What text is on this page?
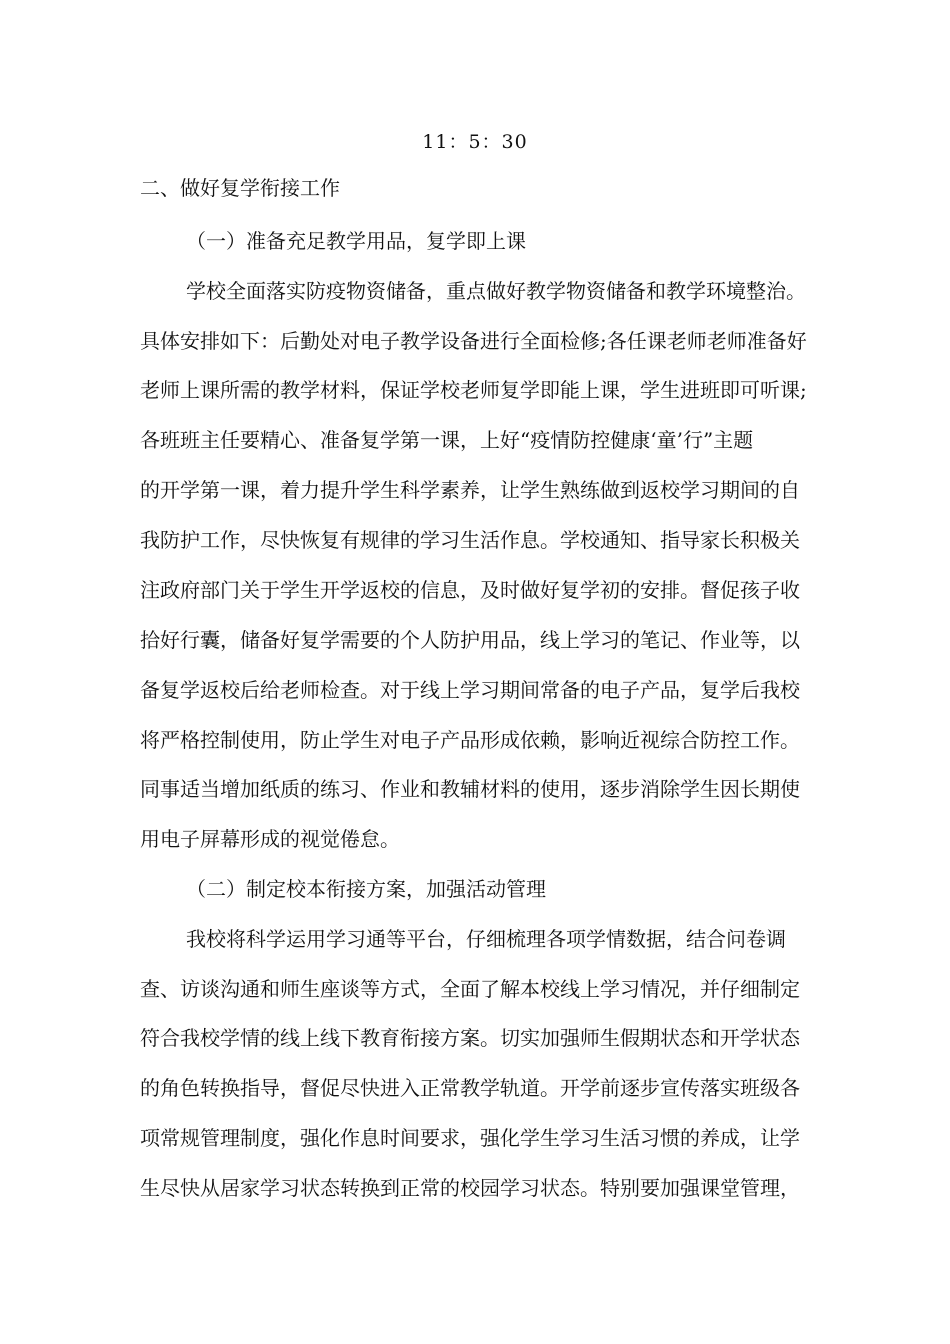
11：5：30
二、做好复学衔接工作
（一）准备充足教学用品，复学即上课
学校全面落实防疫物资储备，重点做好教学物资储备和教学环境整治。
具体安排如下：后勤处对电子教学设备进行全面检修;各任课老师老师准备好
老师上课所需的教学材料，保证学校老师复学即能上课，学生进班即可听课;
各班班主任要精心、准备复学第一课，上好“疫情防控健康‘童’行”主题
的开学第一课，着力提升学生科学素养，让学生熟练做到返校学习期间的自
我防护工作，尽快恢复有规律的学习生活作息。学校通知、指导家长积极关
注政府部门关于学生开学返校的信息，及时做好复学初的安排。督促孩子收
拾好行囊，储备好复学需要的个人防护用品，线上学习的笔记、作业等，以
备复学返校后给老师检查。对于线上学习期间常备的电子产品，复学后我校
将严格控制使用，防止学生对电子产品形成依赖，影响近视综合防控工作。
同事适当增加纸质的练习、作业和教辅材料的使用，逐步消除学生因长期使
用电子屏幕形成的视觉倦怠。
（二）制定校本衔接方案，加强活动管理
我校将科学运用学习通等平台，仔细梳理各项学情数据，结合问卷调
查、访谈沟通和师生座谈等方式，全面了解本校线上学习情况，并仔细制定
符合我校学情的线上线下教育衔接方案。切实加强师生假期状态和开学状态
的角色转换指导，督促尽快进入正常教学轨道。开学前逐步宣传落实班级各
项常规管理制度，强化作息时间要求，强化学生学习生活习惯的养成，让学
生尽快从居家学习状态转换到正常的校园学习状态。特别要加强课堂管理，
